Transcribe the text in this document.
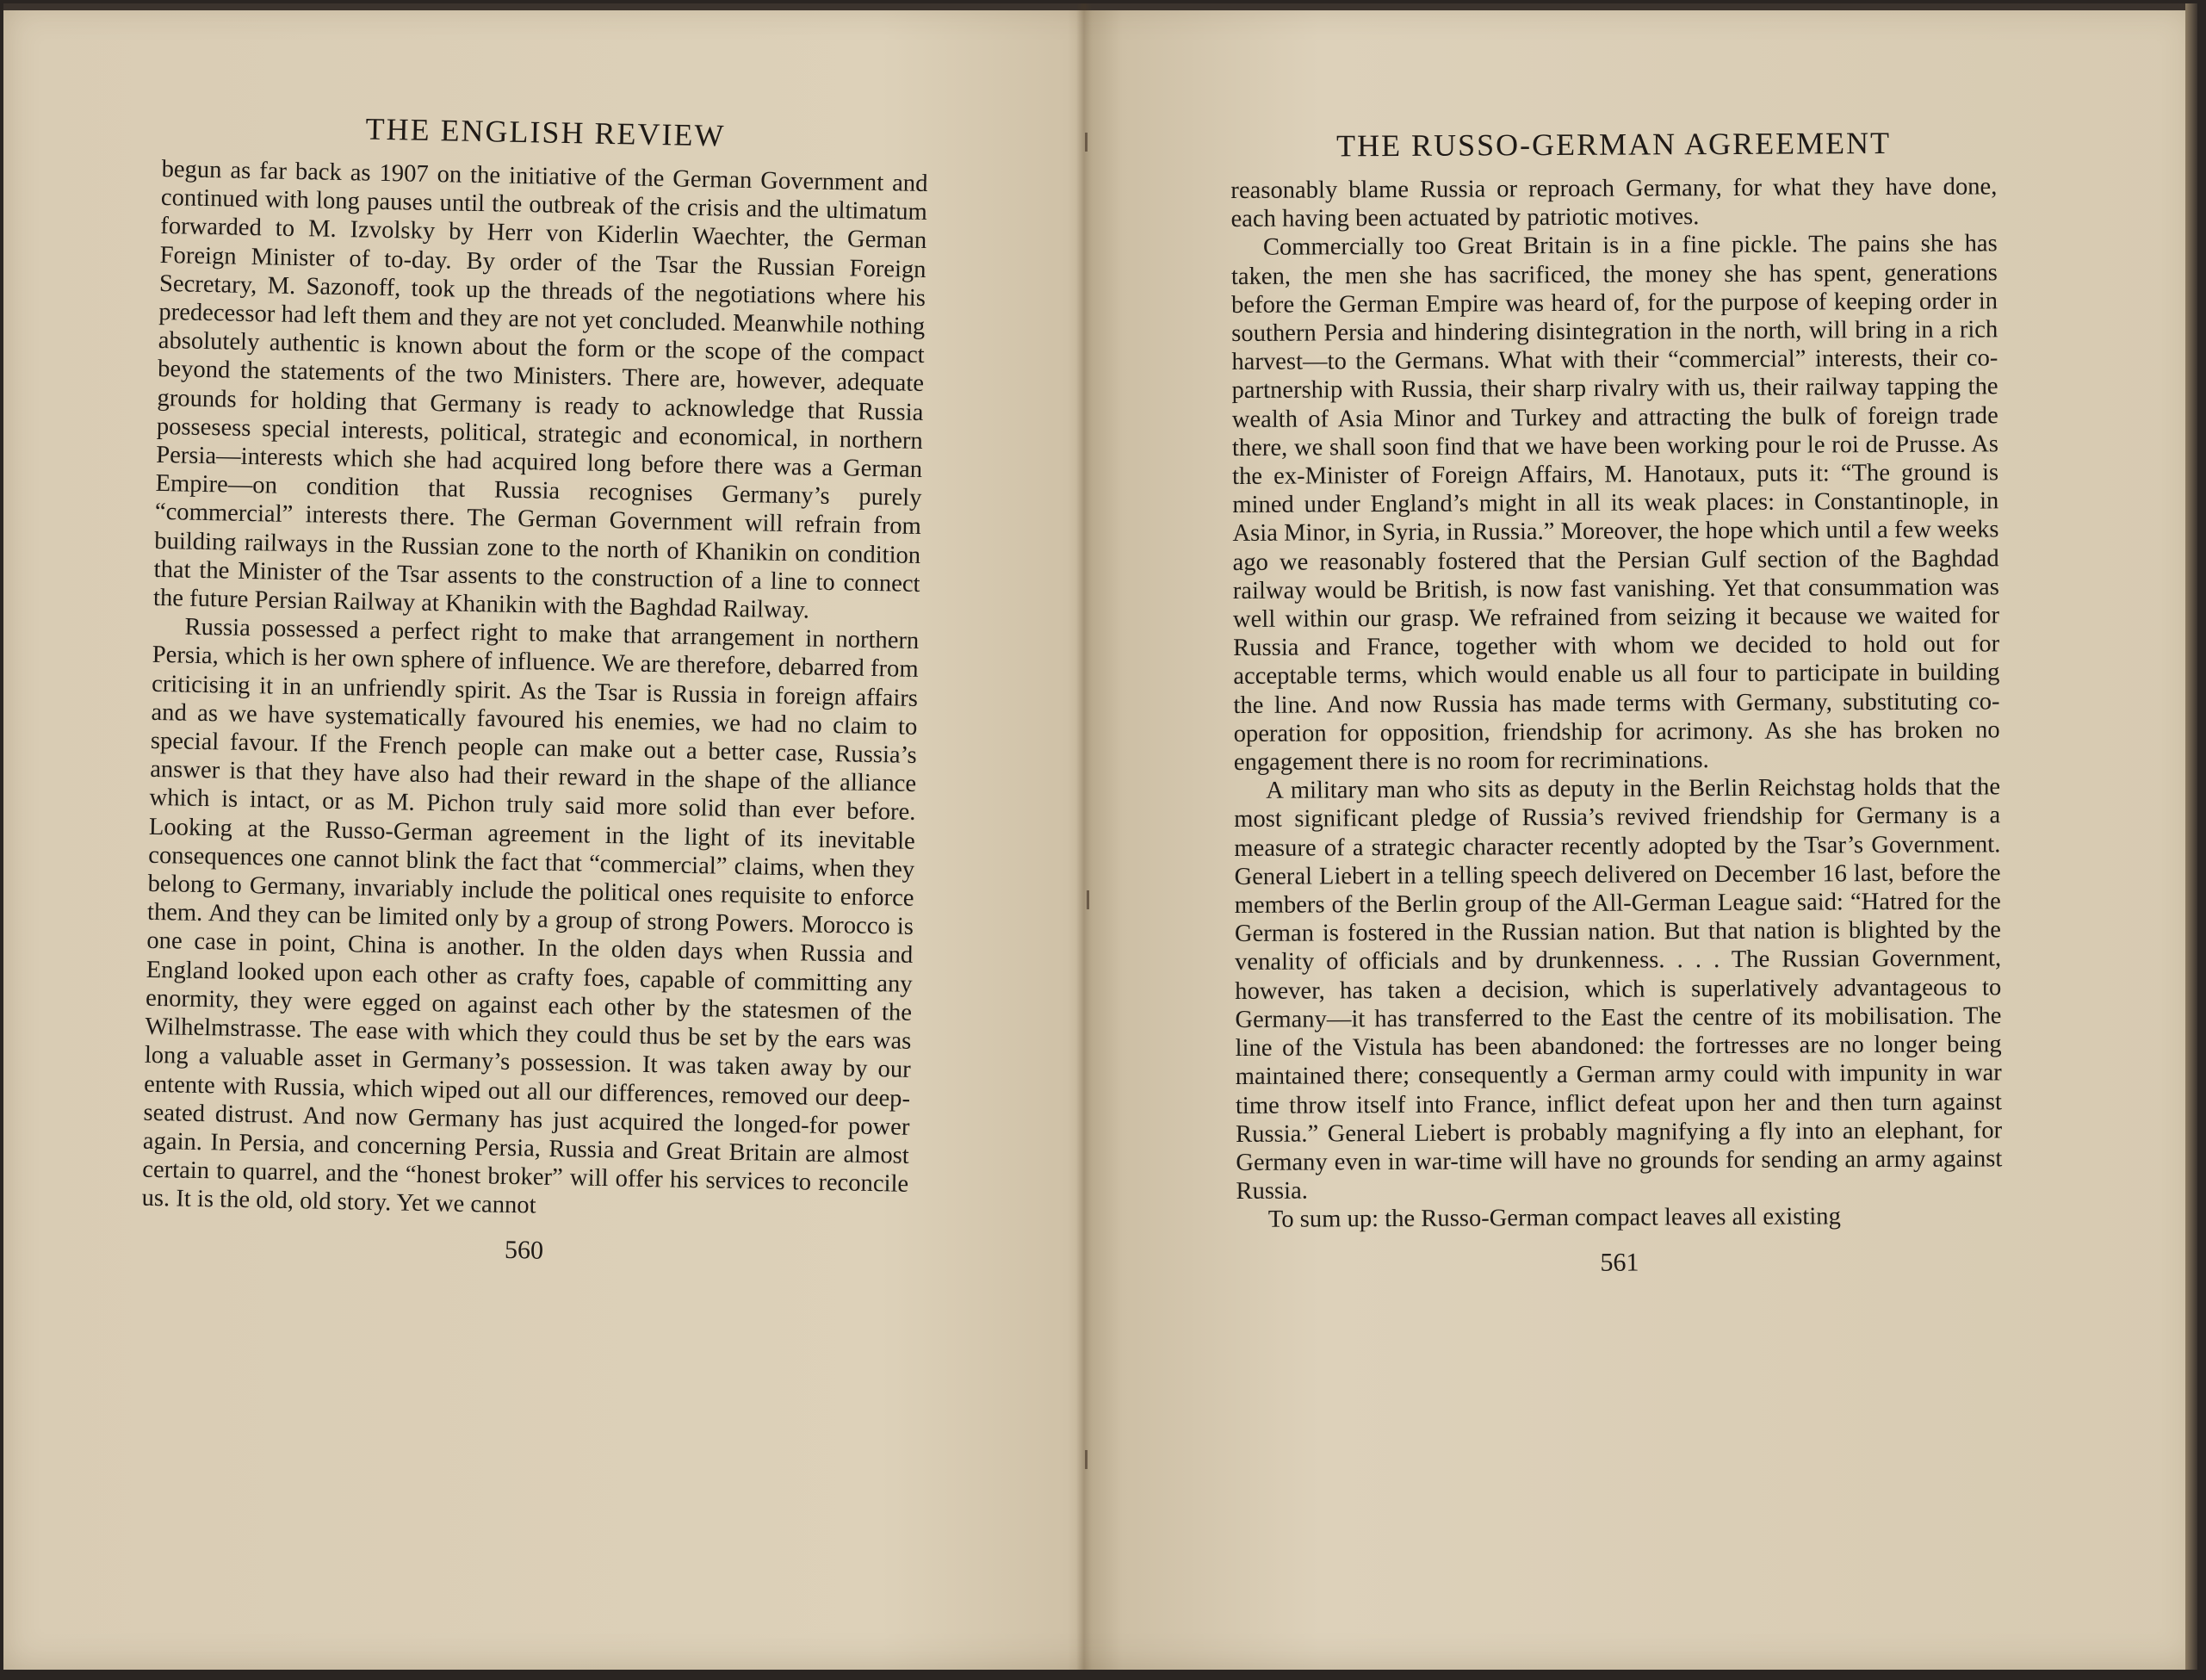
THE ENGLISH REVIEW

begun as far back as 1907 on the initiative of the German Government and continued with long pauses until the outbreak of the crisis and the ultimatum forwarded to M. Izvolsky by Herr von Kiderlin Waechter, the German Foreign Minister of to-day. By order of the Tsar the Russian Foreign Secretary, M. Sazonoff, took up the threads of the negotiations where his predecessor had left them and they are not yet concluded. Meanwhile nothing absolutely authentic is known about the form or the scope of the compact beyond the statements of the two Ministers. There are, however, adequate grounds for holding that Germany is ready to acknowledge that Russia possesess special interests, political, strategic and economical, in northern Persia—interests which she had acquired long before there was a German Empire—on condition that Russia recognises Germany’s purely “commercial” interests there. The German Government will refrain from building railways in the Russian zone to the north of Khanikin on condition that the Minister of the Tsar assents to the construction of a line to connect the future Persian Railway at Khanikin with the Baghdad Railway.

Russia possessed a perfect right to make that arrangement in northern Persia, which is her own sphere of influence. We are therefore, debarred from criticising it in an unfriendly spirit. As the Tsar is Russia in foreign affairs and as we have systematically favoured his enemies, we had no claim to special favour. If the French people can make out a better case, Russia’s answer is that they have also had their reward in the shape of the alliance which is intact, or as M. Pichon truly said more solid than ever before. Looking at the Russo-German agreement in the light of its inevitable consequences one cannot blink the fact that “commercial” claims, when they belong to Germany, invariably include the political ones requisite to enforce them. And they can be limited only by a group of strong Powers. Morocco is one case in point, China is another. In the olden days when Russia and England looked upon each other as crafty foes, capable of committing any enormity, they were egged on against each other by the statesmen of the Wilhelmstrasse. The ease with which they could thus be set by the ears was long a valuable asset in Germany’s possession. It was taken away by our entente with Russia, which wiped out all our differences, removed our deep-seated distrust. And now Germany has just acquired the longed-for power again. In Persia, and concerning Persia, Russia and Great Britain are almost certain to quarrel, and the “honest broker” will offer his services to reconcile us. It is the old, old story. Yet we cannot

560
THE RUSSO-GERMAN AGREEMENT

reasonably blame Russia or reproach Germany, for what they have done, each having been actuated by patriotic motives.

Commercially too Great Britain is in a fine pickle. The pains she has taken, the men she has sacrificed, the money she has spent, generations before the German Empire was heard of, for the purpose of keeping order in southern Persia and hindering disintegration in the north, will bring in a rich harvest—to the Germans. What with their “commercial” interests, their co-partnership with Russia, their sharp rivalry with us, their railway tapping the wealth of Asia Minor and Turkey and attracting the bulk of foreign trade there, we shall soon find that we have been working pour le roi de Prusse. As the ex-Minister of Foreign Affairs, M. Hanotaux, puts it: “The ground is mined under England’s might in all its weak places: in Constantinople, in Asia Minor, in Syria, in Russia.” Moreover, the hope which until a few weeks ago we reasonably fostered that the Persian Gulf section of the Baghdad railway would be British, is now fast vanishing. Yet that consummation was well within our grasp. We refrained from seizing it because we waited for Russia and France, together with whom we decided to hold out for acceptable terms, which would enable us all four to participate in building the line. And now Russia has made terms with Germany, substituting co-operation for opposition, friendship for acrimony. As she has broken no engagement there is no room for recriminations.

A military man who sits as deputy in the Berlin Reichstag holds that the most significant pledge of Russia’s revived friendship for Germany is a measure of a strategic character recently adopted by the Tsar’s Government. General Liebert in a telling speech delivered on December 16 last, before the members of the Berlin group of the All-German League said: “Hatred for the German is fostered in the Russian nation. But that nation is blighted by the venality of officials and by drunkenness. . . . The Russian Government, however, has taken a decision, which is superlatively advantageous to Germany—it has transferred to the East the centre of its mobilisation. The line of the Vistula has been abandoned: the fortresses are no longer being maintained there; consequently a German army could with impunity in war time throw itself into France, inflict defeat upon her and then turn against Russia.” General Liebert is probably magnifying a fly into an elephant, for Germany even in war-time will have no grounds for sending an army against Russia.

To sum up: the Russo-German compact leaves all existing

561
